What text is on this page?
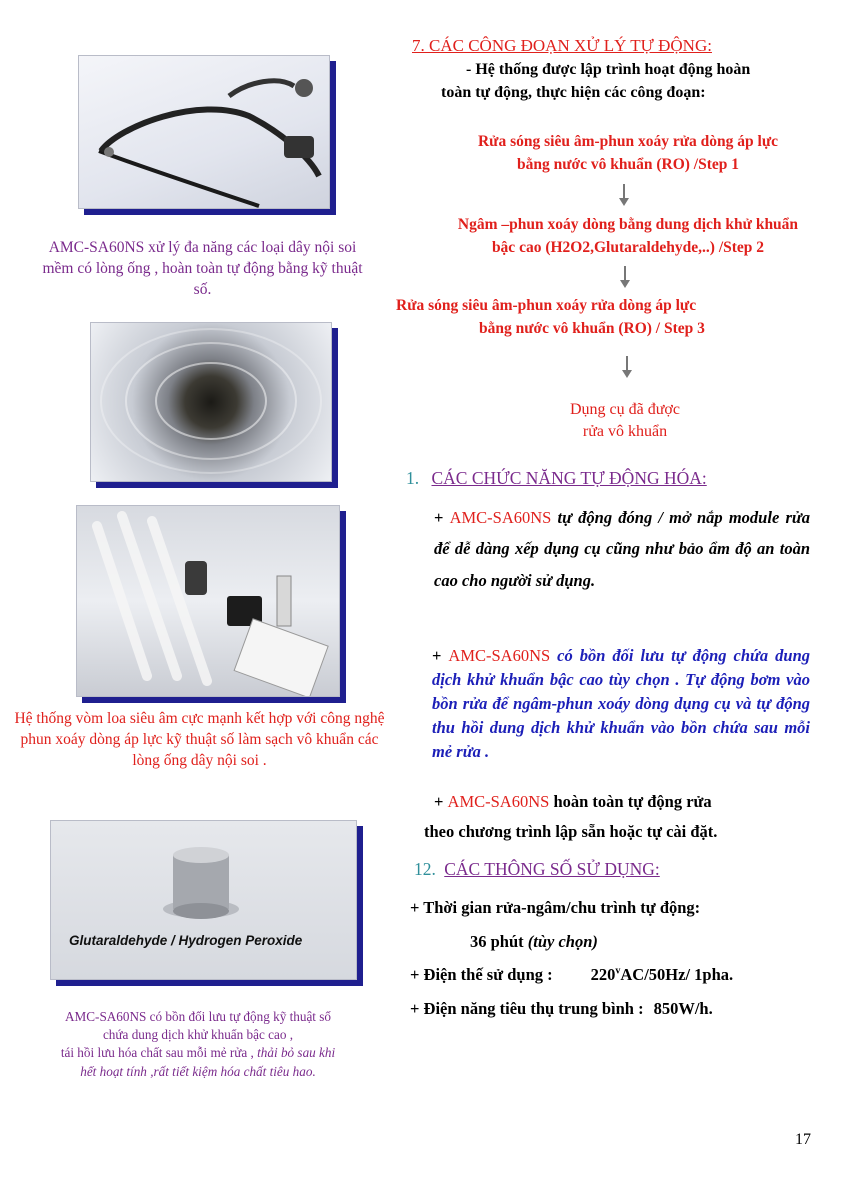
AMC-SA60NS xử lý đa năng các loại dây nội soi mềm có lòng ống , hoàn toàn tự động bằng kỹ thuật số.
Hệ thống vòm loa siêu âm cực mạnh kết hợp với công nghệ phun xoáy dòng áp lực kỹ thuật số làm sạch vô khuẩn các lòng ống dây nội soi .
Glutaraldehyde / Hydrogen Peroxide
AMC-SA60NS có bồn đối lưu tự động kỹ thuật số
chứa dung dịch khử khuẩn bậc cao ,
tái hồi lưu hóa chất sau mỗi mẻ rửa , thải bỏ sau khi
hết hoạt tính ,rất tiết kiệm hóa chất tiêu hao.
7. CÁC CÔNG ĐOẠN XỬ LÝ TỰ ĐỘNG:
- Hệ thống được lập trình hoạt động hoàn
toàn tự động, thực hiện các công đoạn:
Rửa sóng siêu âm-phun xoáy rửa dòng áp lực
bằng nước vô khuẩn (RO) /Step 1
Ngâm –phun xoáy dòng bằng dung dịch khử khuẩn
bậc cao (H2O2,Glutaraldehyde,..) /Step 2
Rửa sóng siêu âm-phun xoáy rửa dòng áp lực
bằng nước vô khuẩn (RO) / Step 3
Dụng cụ đã được
rửa vô khuẩn
1. CÁC CHỨC NĂNG TỰ ĐỘNG HÓA:
+ AMC-SA60NS tự động đóng / mở nắp module rửa để dễ dàng xếp dụng cụ cũng như bảo ẩm độ an toàn cao cho người sử dụng.
+ AMC-SA60NS có bồn đối lưu tự động chứa dung dịch khử khuẩn bậc cao tùy chọn . Tự động bơm vào bồn rửa để ngâm-phun xoáy dòng dụng cụ và tự động thu hồi dung dịch khử khuẩn vào bồn chứa sau mỗi mẻ rửa .
+ AMC-SA60NS hoàn toàn tự động rửa
theo chương trình lập sẵn hoặc tự cài đặt.
12. CÁC THÔNG SỐ SỬ DỤNG:
+ Thời gian rửa-ngâm/chu trình tự động:
36 phút (tùy chọn)
+ Điện thế sử dụng : 220$^v$AC/50Hz/ 1pha.
+ Điện năng tiêu thụ trung bình : 850W/h.
17
